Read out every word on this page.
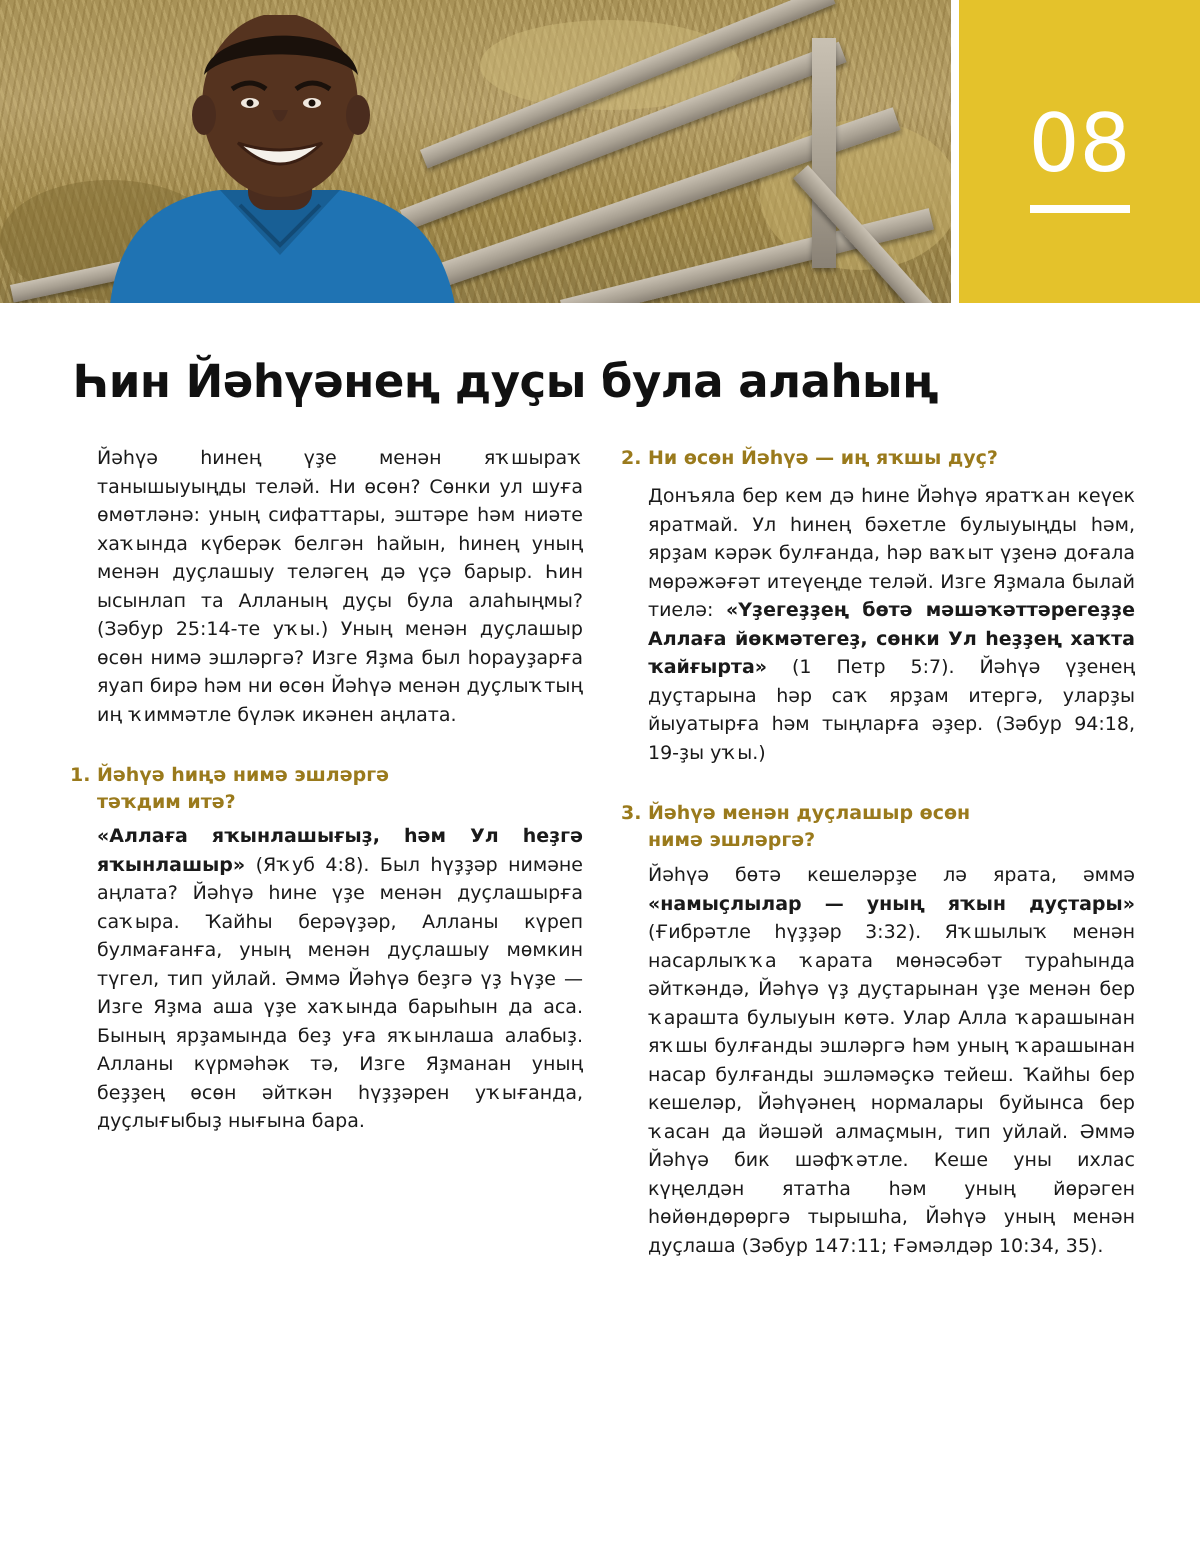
08
Һин Йәһүәнең дуҫы була алаһың

Йәһүә һинең үҙе менән яҡшыраҡ танышыуыңды теләй. Ни өсөн? Сөнки ул шуға өмөтләнә: уның сифаттары, эштәре һәм ниәте хаҡында күберәк белгән һайын, һинең уның менән дуҫлашыу теләгең дә үҫә барыр. Һин ысынлап та Алланың дуҫы була алаһыңмы? (Зәбур 25:14-те уҡы.) Уның менән дуҫлашыр өсөн нимә эшләргә? Изге Яҙма был һорауҙарға яуап бирә һәм ни өсөн Йәһүә менән дуҫлыҡтың иң ҡиммәтле бүләк икәнен аңлата.

1. Йәһүә һиңә нимә эшләргә
тәҡдим итә?

«Аллаға яҡынлашығыҙ, һәм Ул һеҙгә яҡынлашыр» (Яҡуб 4:8). Был һүҙҙәр нимәне аңлата? Йәһүә һине үҙе менән дуҫлашырға саҡыра. Ҡайһы берәүҙәр, Алланы күреп булмағанға, уның менән дуҫлашыу мөмкин түгел, тип уйлай. Әммә Йәһүә беҙгә үҙ Һүҙе — Изге Яҙма аша үҙе хаҡында барыһын да аса. Бының ярҙамында беҙ уға яҡынлаша алабыҙ. Алланы күрмәһәк тә, Изге Яҙманан уның беҙҙең өсөн әйткән һүҙҙәрен уҡығанда, дуҫлығыбыҙ нығына бара.

2. Ни өсөн Йәһүә — иң яҡшы дуҫ?

Донъяла бер кем дә һине Йәһүә яратҡан кеүек яратмай. Ул һинең бәхетле булыуыңды һәм, ярҙам кәрәк булғанда, һәр ваҡыт үҙенә доғала мөрәжәғәт итеүеңде теләй. Изге Яҙмала былай тиелә: «Үҙегеҙҙең бөтә мәшәҡәттәрегеҙҙе Аллаға йөкмәтегеҙ, сөнки Ул һеҙҙең хаҡта ҡайғырта» (1 Петр 5:7). Йәһүә үҙенең дуҫтарына һәр саҡ ярҙам итергә, уларҙы йыуатырға һәм тыңларға әҙер. (Зәбур 94:18, 19-ҙы уҡы.)

3. Йәһүә менән дуҫлашыр өсөн
нимә эшләргә?

Йәһүә бөтә кешеләрҙе лә ярата, әммә «намыҫлылар — уның яҡын дуҫтары» (Ғибрәтле һүҙҙәр 3:32). Яҡшылыҡ менән насарлыҡҡа ҡарата мөнәсәбәт тураһында әйткәндә, Йәһүә үҙ дуҫтарынан үҙе менән бер ҡараштa булыуын көтә. Улар Алла ҡарашынан яҡшы булғанды эшләргә һәм уның ҡарашынан насар булғанды эшләмәҫкә тейеш. Ҡайһы бер кешеләр, Йәһүәнең нормалары буйынса бер ҡасан да йәшәй алмаҫмын, тип уйлай. Әммә Йәһүә бик шәфҡәтле. Кеше уны ихлас күңелдән ятатһа һәм уның йөрәген һөйөндөрөргә тырышһа, Йәһүә уның менән дуҫлаша (Зәбур 147:11; Ғәмәлдәр 10:34, 35).
